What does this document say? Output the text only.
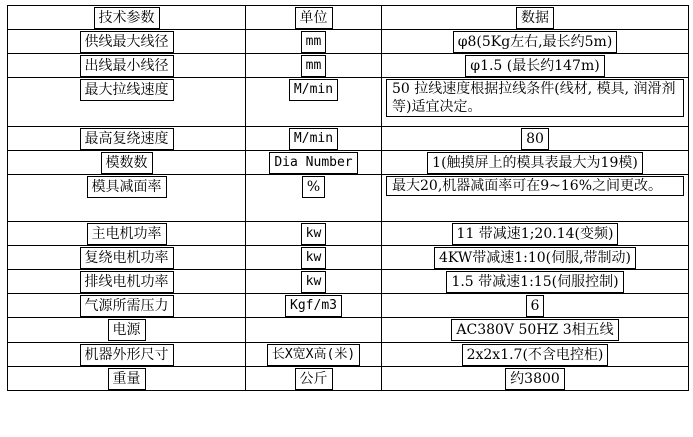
技术参数	单位	数据
供线最大线径	mm	φ8(5Kg左右,最长约5m)
出线最小线径	mm	φ1.5 (最长约147m)
最大拉线速度	M/min	50 拉线速度根据拉线条件(线材, 模具, 润滑剂等)适宜决定。
最高复绕速度	M/min	80
模数数	Dia Number	1(触摸屏上的模具表最大为19模)
模具减面率	%	最大20,机器减面率可在9~16%之间更改。
主电机功率	kw	11 带减速1;20.14(变频)
复绕电机功率	kw	4KW带减速1:10(伺服,带制动)
排线电机功率	kw	1.5 带减速1:15(伺服控制)
气源所需压力	Kgf/m3	6
电源		AC380V 50HZ 3相五线
机器外形尺寸	长X宽X高(米)	2x2x1.7(不含电控柜)
重量	公斤	约3800
